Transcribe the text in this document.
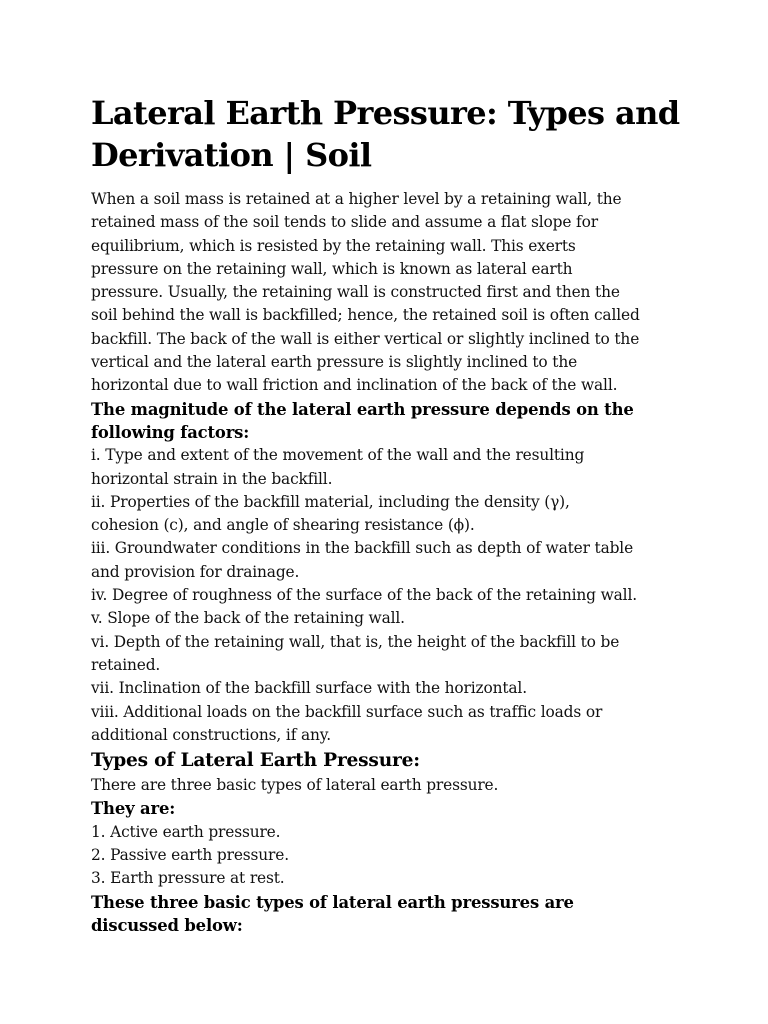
Lateral Earth Pressure: Types and
Derivation | Soil
When a soil mass is retained at a higher level by a retaining wall, the
retained mass of the soil tends to slide and assume a flat slope for
equilibrium, which is resisted by the retaining wall. This exerts
pressure on the retaining wall, which is known as lateral earth
pressure. Usually, the retaining wall is constructed first and then the
soil behind the wall is backfilled; hence, the retained soil is often called
backfill. The back of the wall is either vertical or slightly inclined to the
vertical and the lateral earth pressure is slightly inclined to the
horizontal due to wall friction and inclination of the back of the wall.
The magnitude of the lateral earth pressure depends on the
following factors:
i. Type and extent of the movement of the wall and the resulting
horizontal strain in the backfill.
ii. Properties of the backfill material, including the density (γ),
cohesion (c), and angle of shearing resistance (ϕ).
iii. Groundwater conditions in the backfill such as depth of water table
and provision for drainage.
iv. Degree of roughness of the surface of the back of the retaining wall.
v. Slope of the back of the retaining wall.
vi. Depth of the retaining wall, that is, the height of the backfill to be
retained.
vii. Inclination of the backfill surface with the horizontal.
viii. Additional loads on the backfill surface such as traffic loads or
additional constructions, if any.
Types of Lateral Earth Pressure:
There are three basic types of lateral earth pressure.
They are:
1. Active earth pressure.
2. Passive earth pressure.
3. Earth pressure at rest.
These three basic types of lateral earth pressures are
discussed below:
